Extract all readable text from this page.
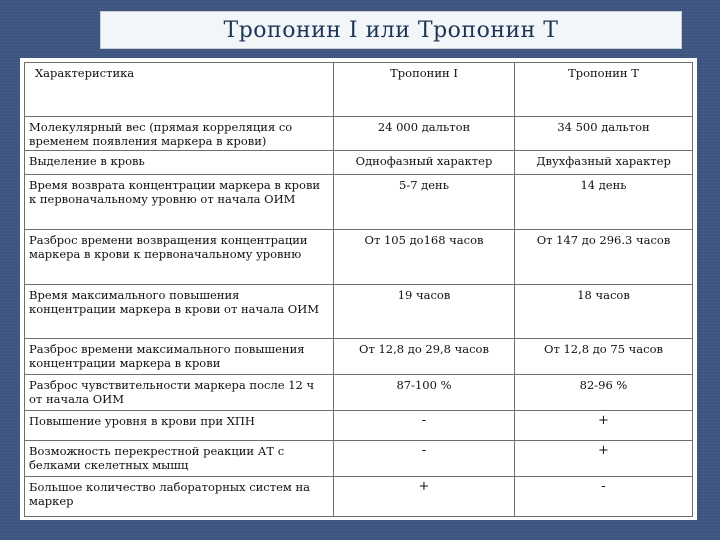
Тропонин I или Тропонин T
Характеристика	Тропонин I	Тропонин T
Молекулярный вес (прямая корреляция со временем появления маркера в крови)	24 000 дальтон	34 500 дальтон
Выделение в кровь	Однофазный характер	Двухфазный характер
Время возврата концентрации маркера в крови к первоначальному уровню от начала ОИМ	5-7 день	14 день
Разброс времени возвращения концентрации маркера в крови к первоначальному уровню	От 105 до168 часов	От 147 до 296.3 часов
Время максимального повышения концентрации маркера в крови от начала ОИМ	19 часов	18 часов
Разброс времени максимального повышения концентрации маркера в крови	От 12,8 до 29,8 часов	От 12,8 до 75 часов
Разброс чувствительности маркера после 12 ч от начала ОИМ	87-100 %	82-96 %
Повышение уровня в крови при ХПН	-	+
Возможность перекрестной реакции АТ с белками скелетных мышц	-	+
Большое количество лабораторных систем на маркер	+	-
